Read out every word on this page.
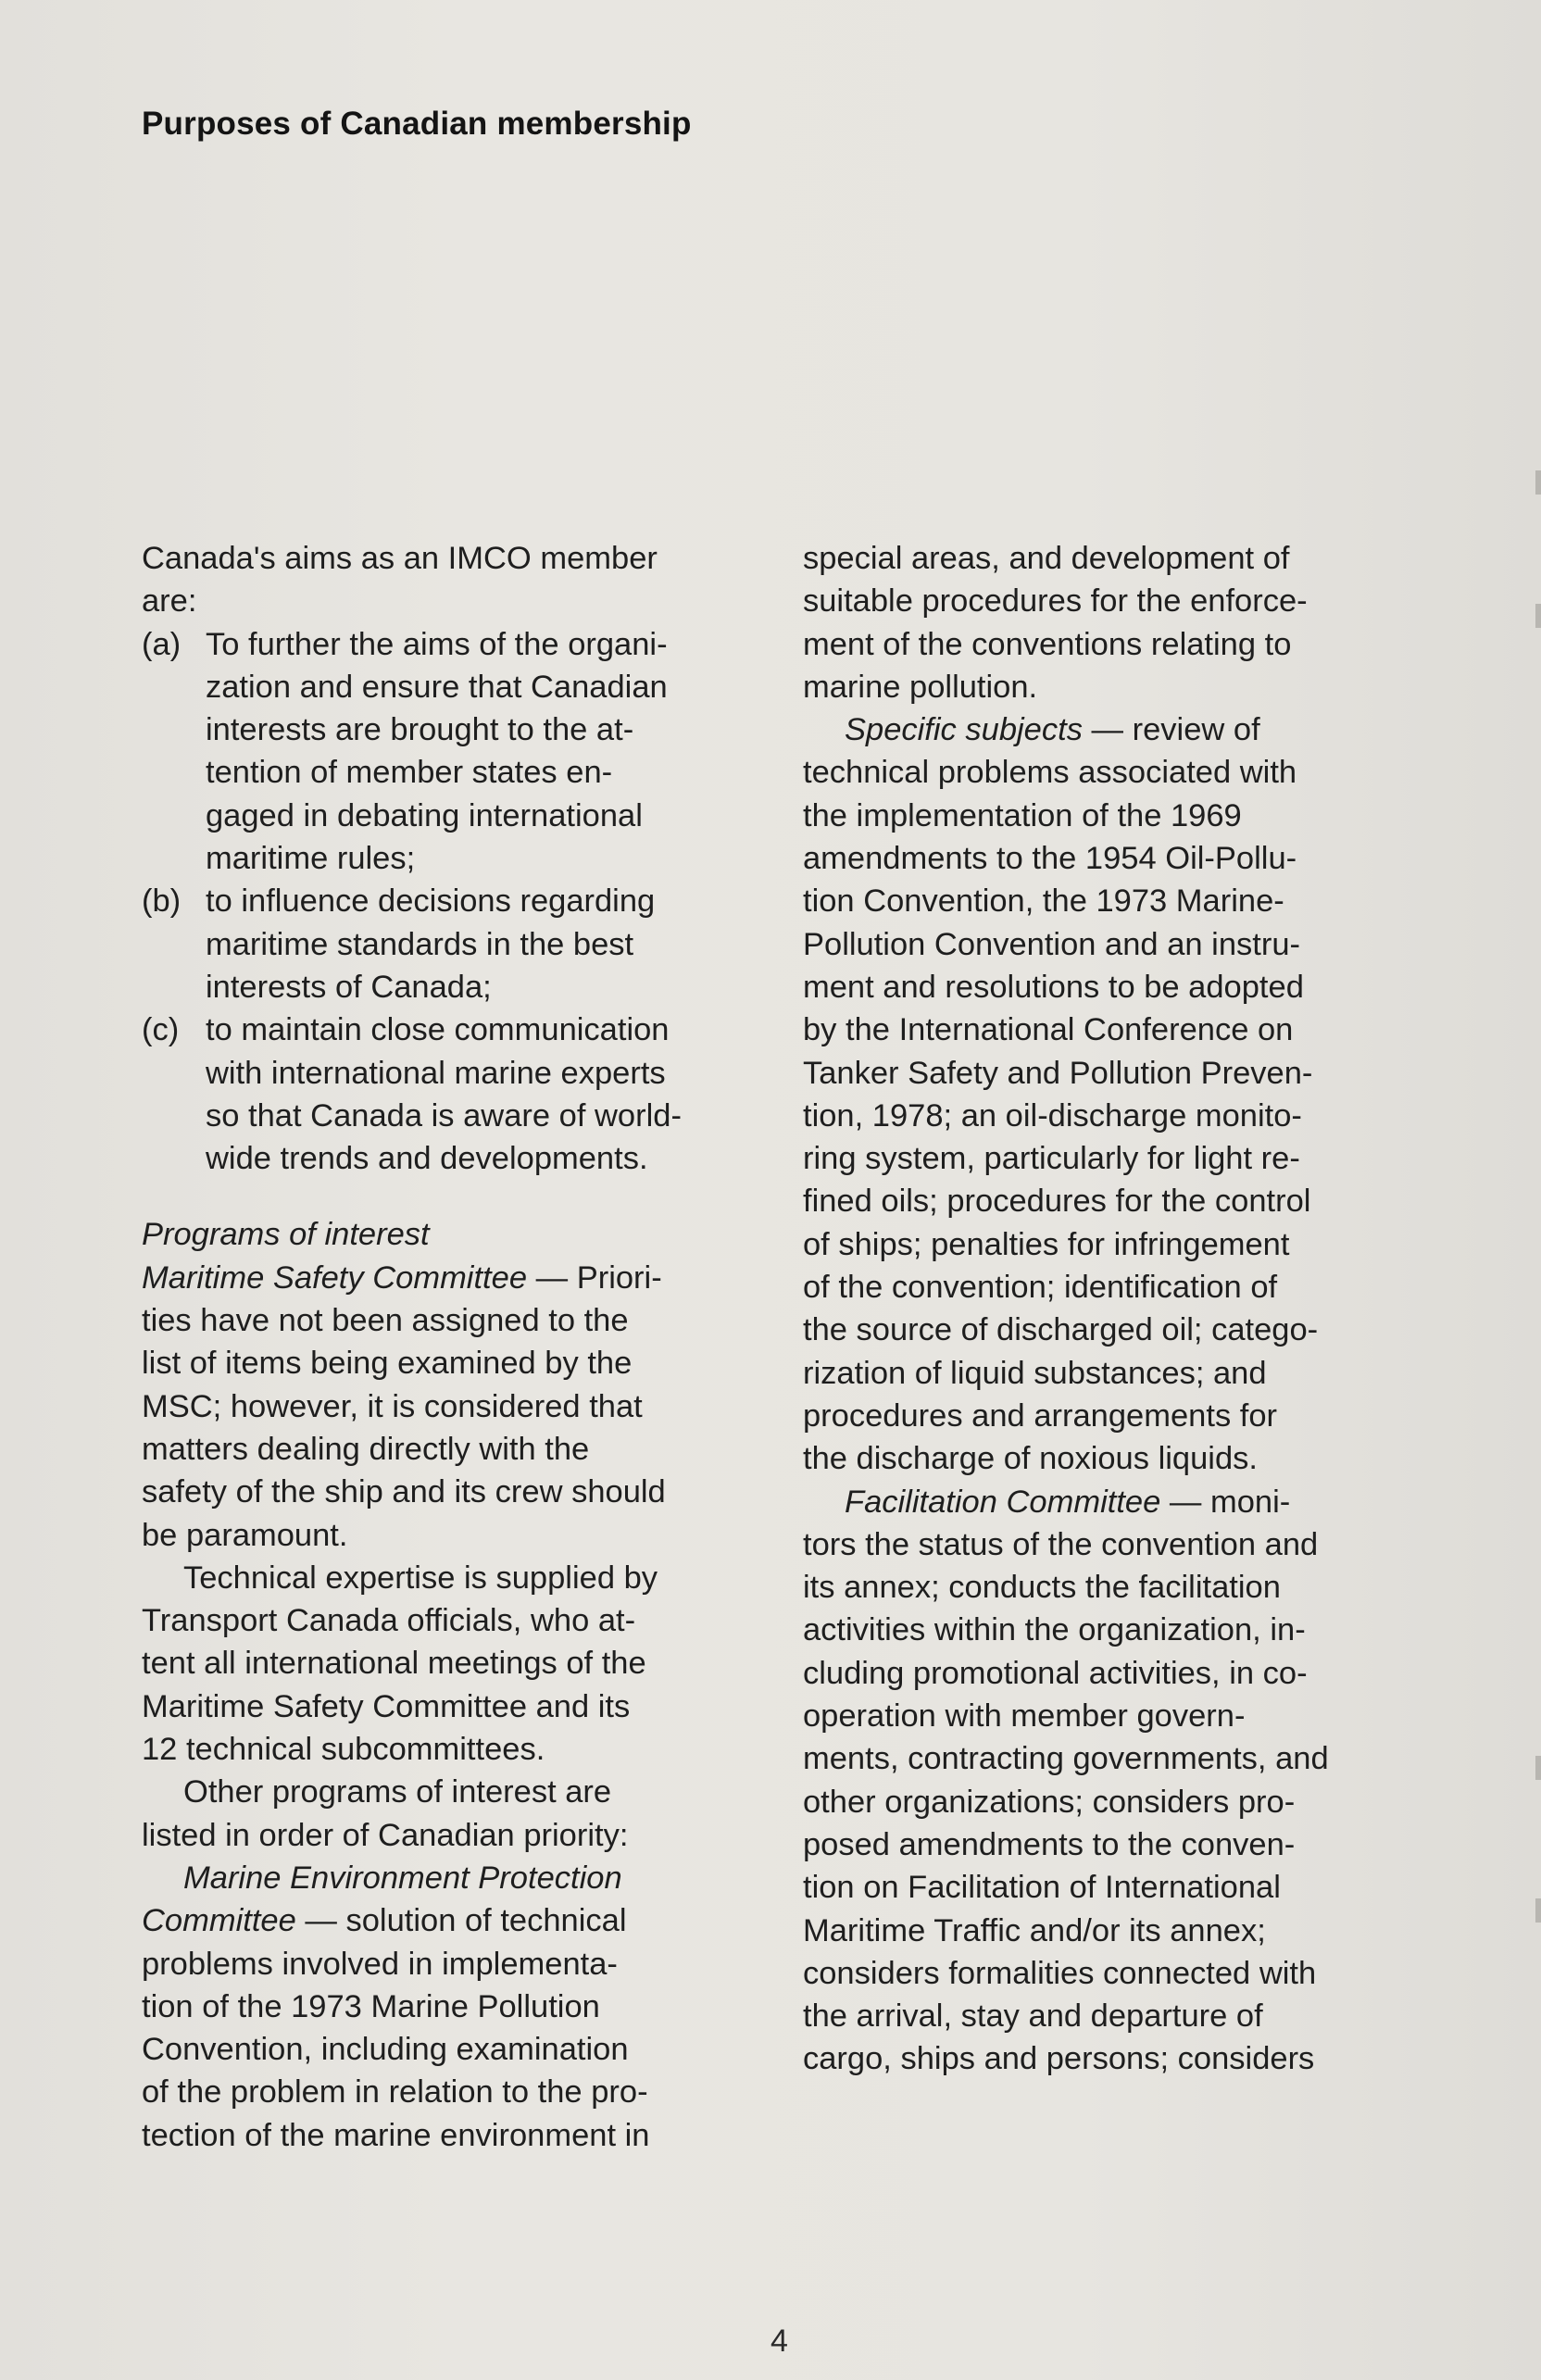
Purposes of Canadian membership
Canada's aims as an IMCO member
are:
(a) To further the aims of the organi-
zation and ensure that Canadian
interests are brought to the at-
tention of member states en-
gaged in debating international
maritime rules;
(b) to influence decisions regarding
maritime standards in the best
interests of Canada;
(c) to maintain close communication
with international marine experts
so that Canada is aware of world-
wide trends and developments.
Programs of interest
Maritime Safety Committee — Priori-
ties have not been assigned to the
list of items being examined by the
MSC; however, it is considered that
matters dealing directly with the
safety of the ship and its crew should
be paramount.
Technical expertise is supplied by
Transport Canada officials, who at-
tent all international meetings of the
Maritime Safety Committee and its
12 technical subcommittees.
Other programs of interest are
listed in order of Canadian priority:
Marine Environment Protection
Committee — solution of technical
problems involved in implementa-
tion of the 1973 Marine Pollution
Convention, including examination
of the problem in relation to the pro-
tection of the marine environment in
special areas, and development of
suitable procedures for the enforce-
ment of the conventions relating to
marine pollution.
Specific subjects — review of
technical problems associated with
the implementation of the 1969
amendments to the 1954 Oil-Pollu-
tion Convention, the 1973 Marine-
Pollution Convention and an instru-
ment and resolutions to be adopted
by the International Conference on
Tanker Safety and Pollution Preven-
tion, 1978; an oil-discharge monito-
ring system, particularly for light re-
fined oils; procedures for the control
of ships; penalties for infringement
of the convention; identification of
the source of discharged oil; catego-
rization of liquid substances; and
procedures and arrangements for
the discharge of noxious liquids.
Facilitation Committee — moni-
tors the status of the convention and
its annex; conducts the facilitation
activities within the organization, in-
cluding promotional activities, in co-
operation with member govern-
ments, contracting governments, and
other organizations; considers pro-
posed amendments to the conven-
tion on Facilitation of International
Maritime Traffic and/or its annex;
considers formalities connected with
the arrival, stay and departure of
cargo, ships and persons; considers
4
